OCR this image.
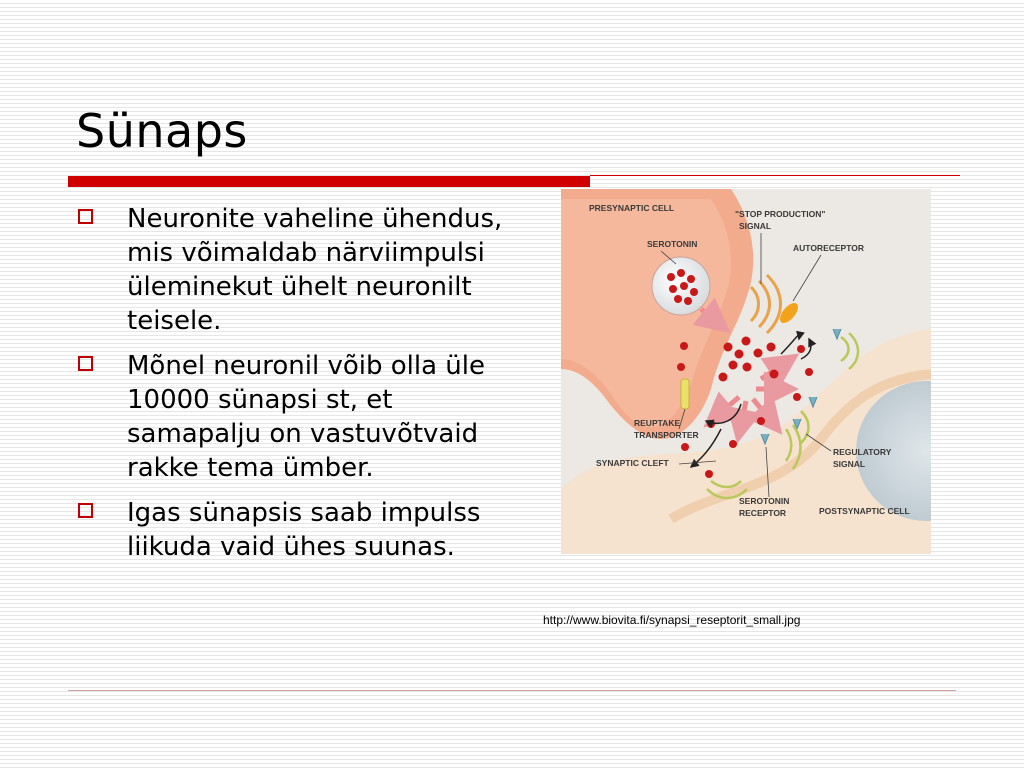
Sünaps
Neuronite vaheline ühendus, mis võimaldab närviimpulsi üleminekut ühelt neuronilt teisele.
Mõnel neuronil võib olla üle 10000 sünapsi st, et samapalju on vastuvõtvaid rakke tema ümber.
Igas sünapsis saab impulss liikuda vaid ühes suunas.
PRESYNAPTIC CELL
"STOP PRODUCTION"
SIGNAL
SEROTONIN	AUTORECEPTOR
REUPTAKE
TRANSPORTER
SYNAPTIC CLEFT
REGULATORY
SIGNAL
SEROTONIN
RECEPTOR	POSTSYNAPTIC CELL
http://www.biovita.fi/synapsi_reseptorit_small.jpg
